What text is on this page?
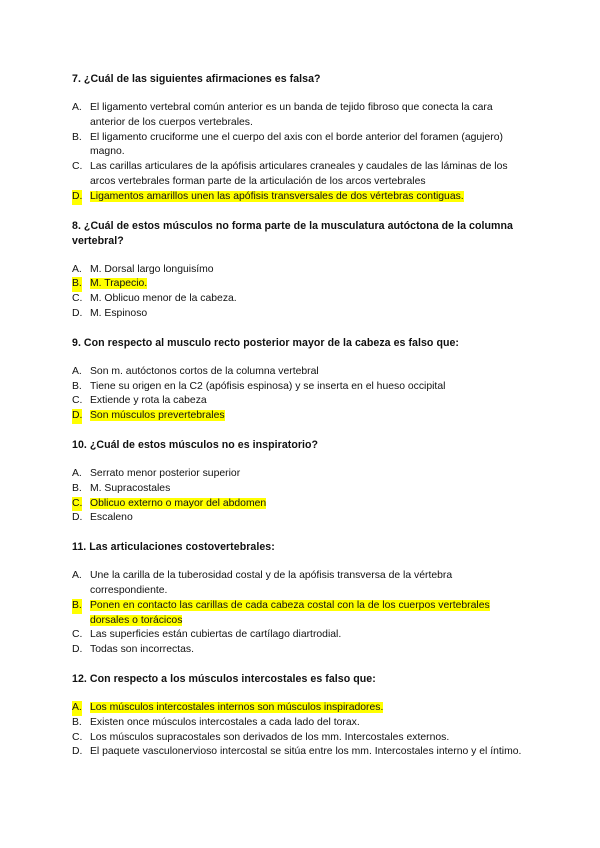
7. ¿Cuál de las siguientes afirmaciones es falsa?

A. El ligamento vertebral común anterior es un banda de tejido fibroso que conecta la cara anterior de los cuerpos vertebrales.

B. El ligamento cruciforme une el cuerpo del axis con el borde anterior del foramen (agujero) magno.

C. Las carillas articulares de la apófisis articulares craneales y caudales de las láminas de los arcos vertebrales forman parte de la articulación de los arcos vertebrales

D. Ligamentos amarillos unen las apófisis transversales de dos vértebras contiguas.

8. ¿Cuál de estos músculos no forma parte de la musculatura autóctona de la columna vertebral?

A. M. Dorsal largo longuisímo

B. M. Trapecio.

C. M. Oblicuo menor de la cabeza.

D. M. Espinoso

9. Con respecto al musculo recto posterior mayor de la cabeza es falso que:

A. Son m. autóctonos cortos de la columna vertebral

B. Tiene su origen en la C2 (apófisis espinosa) y se inserta en el hueso occipital

C. Extiende y rota la cabeza

D. Son músculos prevertebrales

10. ¿Cuál de estos músculos no es inspiratorio?

A. Serrato menor posterior superior

B. M. Supracostales

C. Oblicuo externo o mayor del abdomen

D. Escaleno

11. Las articulaciones costovertebrales:

A. Une la carilla de la tuberosidad costal y de la apófisis transversa de la vértebra correspondiente.

B. Ponen en contacto las carillas de cada cabeza costal con la de los cuerpos vertebrales dorsales o torácicos

C. Las superficies están cubiertas de cartílago diartrodial.

D. Todas son incorrectas.

12. Con respecto a los músculos intercostales es falso que:

A. Los músculos intercostales internos son músculos inspiradores.

B. Existen once músculos intercostales a cada lado del torax.

C. Los músculos supracostales son derivados de los mm. Intercostales externos.

D. El paquete vasculonervioso intercostal se sitúa entre los mm. Intercostales interno y el íntimo.
